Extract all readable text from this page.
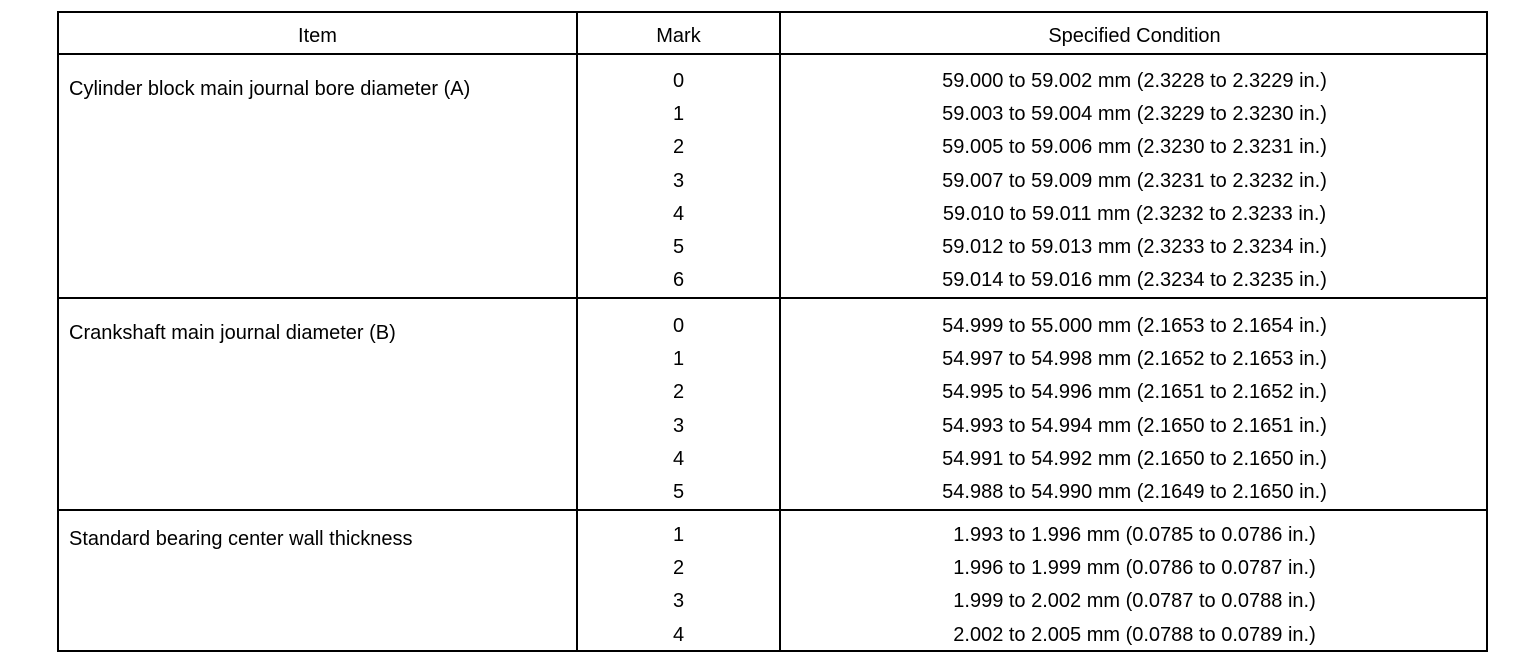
Item	Mark	Specified Condition
Cylinder block main journal bore diameter (A)	0	59.000 to 59.002 mm (2.3228 to 2.3229 in.)
1	59.003 to 59.004 mm (2.3229 to 2.3230 in.)
2	59.005 to 59.006 mm (2.3230 to 2.3231 in.)
3	59.007 to 59.009 mm (2.3231 to 2.3232 in.)
4	59.010 to 59.011 mm (2.3232 to 2.3233 in.)
5	59.012 to 59.013 mm (2.3233 to 2.3234 in.)
6	59.014 to 59.016 mm (2.3234 to 2.3235 in.)
Crankshaft main journal diameter (B)	0	54.999 to 55.000 mm (2.1653 to 2.1654 in.)
1	54.997 to 54.998 mm (2.1652 to 2.1653 in.)
2	54.995 to 54.996 mm (2.1651 to 2.1652 in.)
3	54.993 to 54.994 mm (2.1650 to 2.1651 in.)
4	54.991 to 54.992 mm (2.1650 to 2.1650 in.)
5	54.988 to 54.990 mm (2.1649 to 2.1650 in.)
Standard bearing center wall thickness	1	1.993 to 1.996 mm (0.0785 to 0.0786 in.)
2	1.996 to 1.999 mm (0.0786 to 0.0787 in.)
3	1.999 to 2.002 mm (0.0787 to 0.0788 in.)
4	2.002 to 2.005 mm (0.0788 to 0.0789 in.)
